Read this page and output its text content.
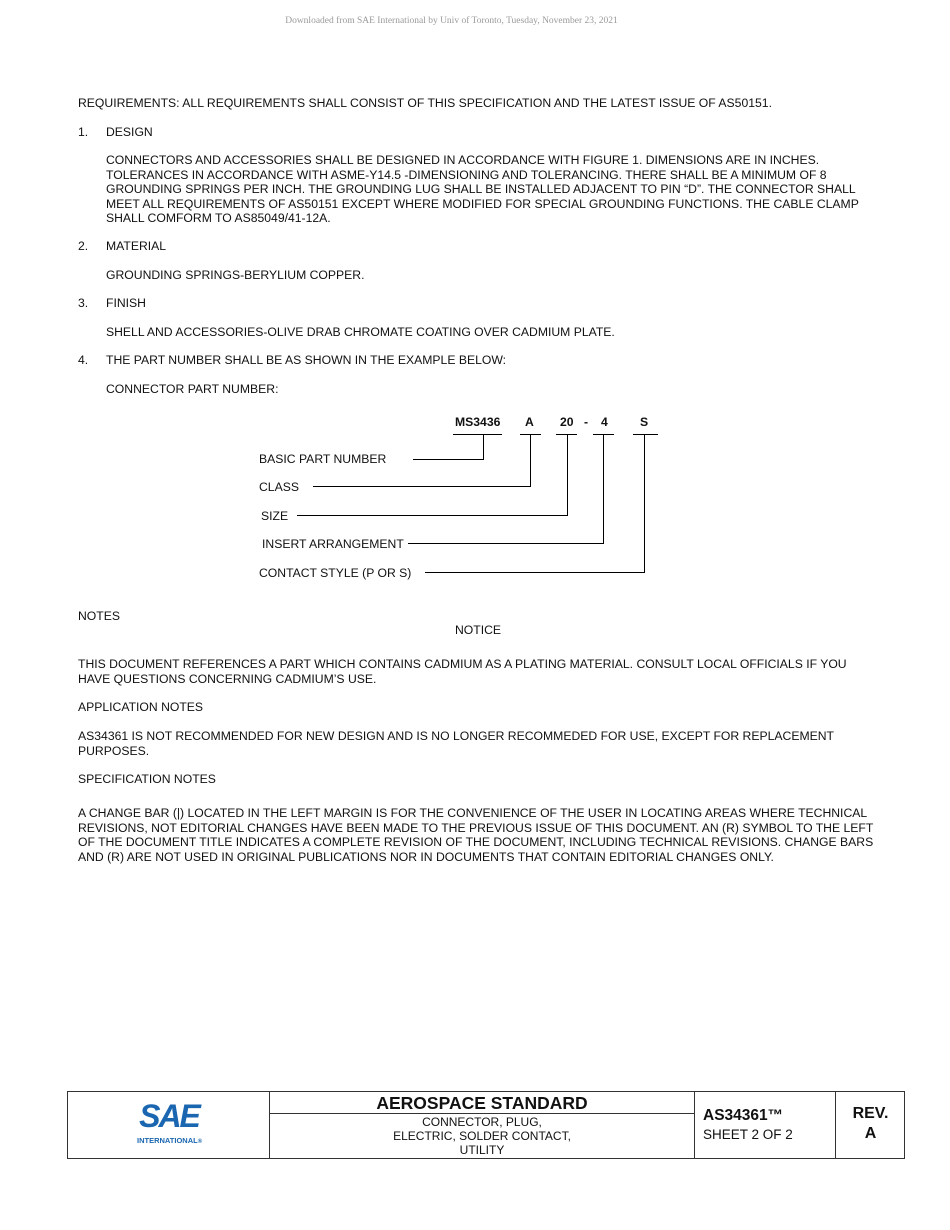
Downloaded from SAE International by Univ of Toronto, Tuesday, November 23, 2021
REQUIREMENTS: ALL REQUIREMENTS SHALL CONSIST OF THIS SPECIFICATION AND THE LATEST ISSUE OF AS50151.
1. DESIGN
CONNECTORS AND ACCESSORIES SHALL BE DESIGNED IN ACCORDANCE WITH FIGURE 1. DIMENSIONS ARE IN INCHES.
TOLERANCES IN ACCORDANCE WITH ASME-Y14.5 -DIMENSIONING AND TOLERANCING. THERE SHALL BE A MINIMUM OF 8
GROUNDING SPRINGS PER INCH. THE GROUNDING LUG SHALL BE INSTALLED ADJACENT TO PIN “D”. THE CONNECTOR SHALL
MEET ALL REQUIREMENTS OF AS50151 EXCEPT WHERE MODIFIED FOR SPECIAL GROUNDING FUNCTIONS. THE CABLE CLAMP
SHALL COMFORM TO AS85049/41-12A.
2. MATERIAL
GROUNDING SPRINGS-BERYLIUM COPPER.
3. FINISH
SHELL AND ACCESSORIES-OLIVE DRAB CHROMATE COATING OVER CADMIUM PLATE.
4. THE PART NUMBER SHALL BE AS SHOWN IN THE EXAMPLE BELOW:
CONNECTOR PART NUMBER:
MS3436 A 20 - 4	S
BASIC PART NUMBER
CLASS
SIZE
INSERT ARRANGEMENT
CONTACT STYLE (P OR S)
NOTES
NOTICE
THIS DOCUMENT REFERENCES A PART WHICH CONTAINS CADMIUM AS A PLATING MATERIAL. CONSULT LOCAL OFFICIALS IF YOU
HAVE QUESTIONS CONCERNING CADMIUM’S USE.
APPLICATION NOTES
AS34361 IS NOT RECOMMENDED FOR NEW DESIGN AND IS NO LONGER RECOMMEDED FOR USE, EXCEPT FOR REPLACEMENT
PURPOSES.
SPECIFICATION NOTES
A CHANGE BAR (|) LOCATED IN THE LEFT MARGIN IS FOR THE CONVENIENCE OF THE USER IN LOCATING AREAS WHERE TECHNICAL
REVISIONS, NOT EDITORIAL CHANGES HAVE BEEN MADE TO THE PREVIOUS ISSUE OF THIS DOCUMENT. AN (R) SYMBOL TO THE LEFT
OF THE DOCUMENT TITLE INDICATES A COMPLETE REVISION OF THE DOCUMENT, INCLUDING TECHNICAL REVISIONS. CHANGE BARS
AND (R) ARE NOT USED IN ORIGINAL PUBLICATIONS NOR IN DOCUMENTS THAT CONTAIN EDITORIAL CHANGES ONLY.
SAE
INTERNATIONAL®
AEROSPACE STANDARD
CONNECTOR, PLUG,
ELECTRIC, SOLDER CONTACT,
UTILITY
AS34361™
SHEET 2 OF 2
REV.
A
